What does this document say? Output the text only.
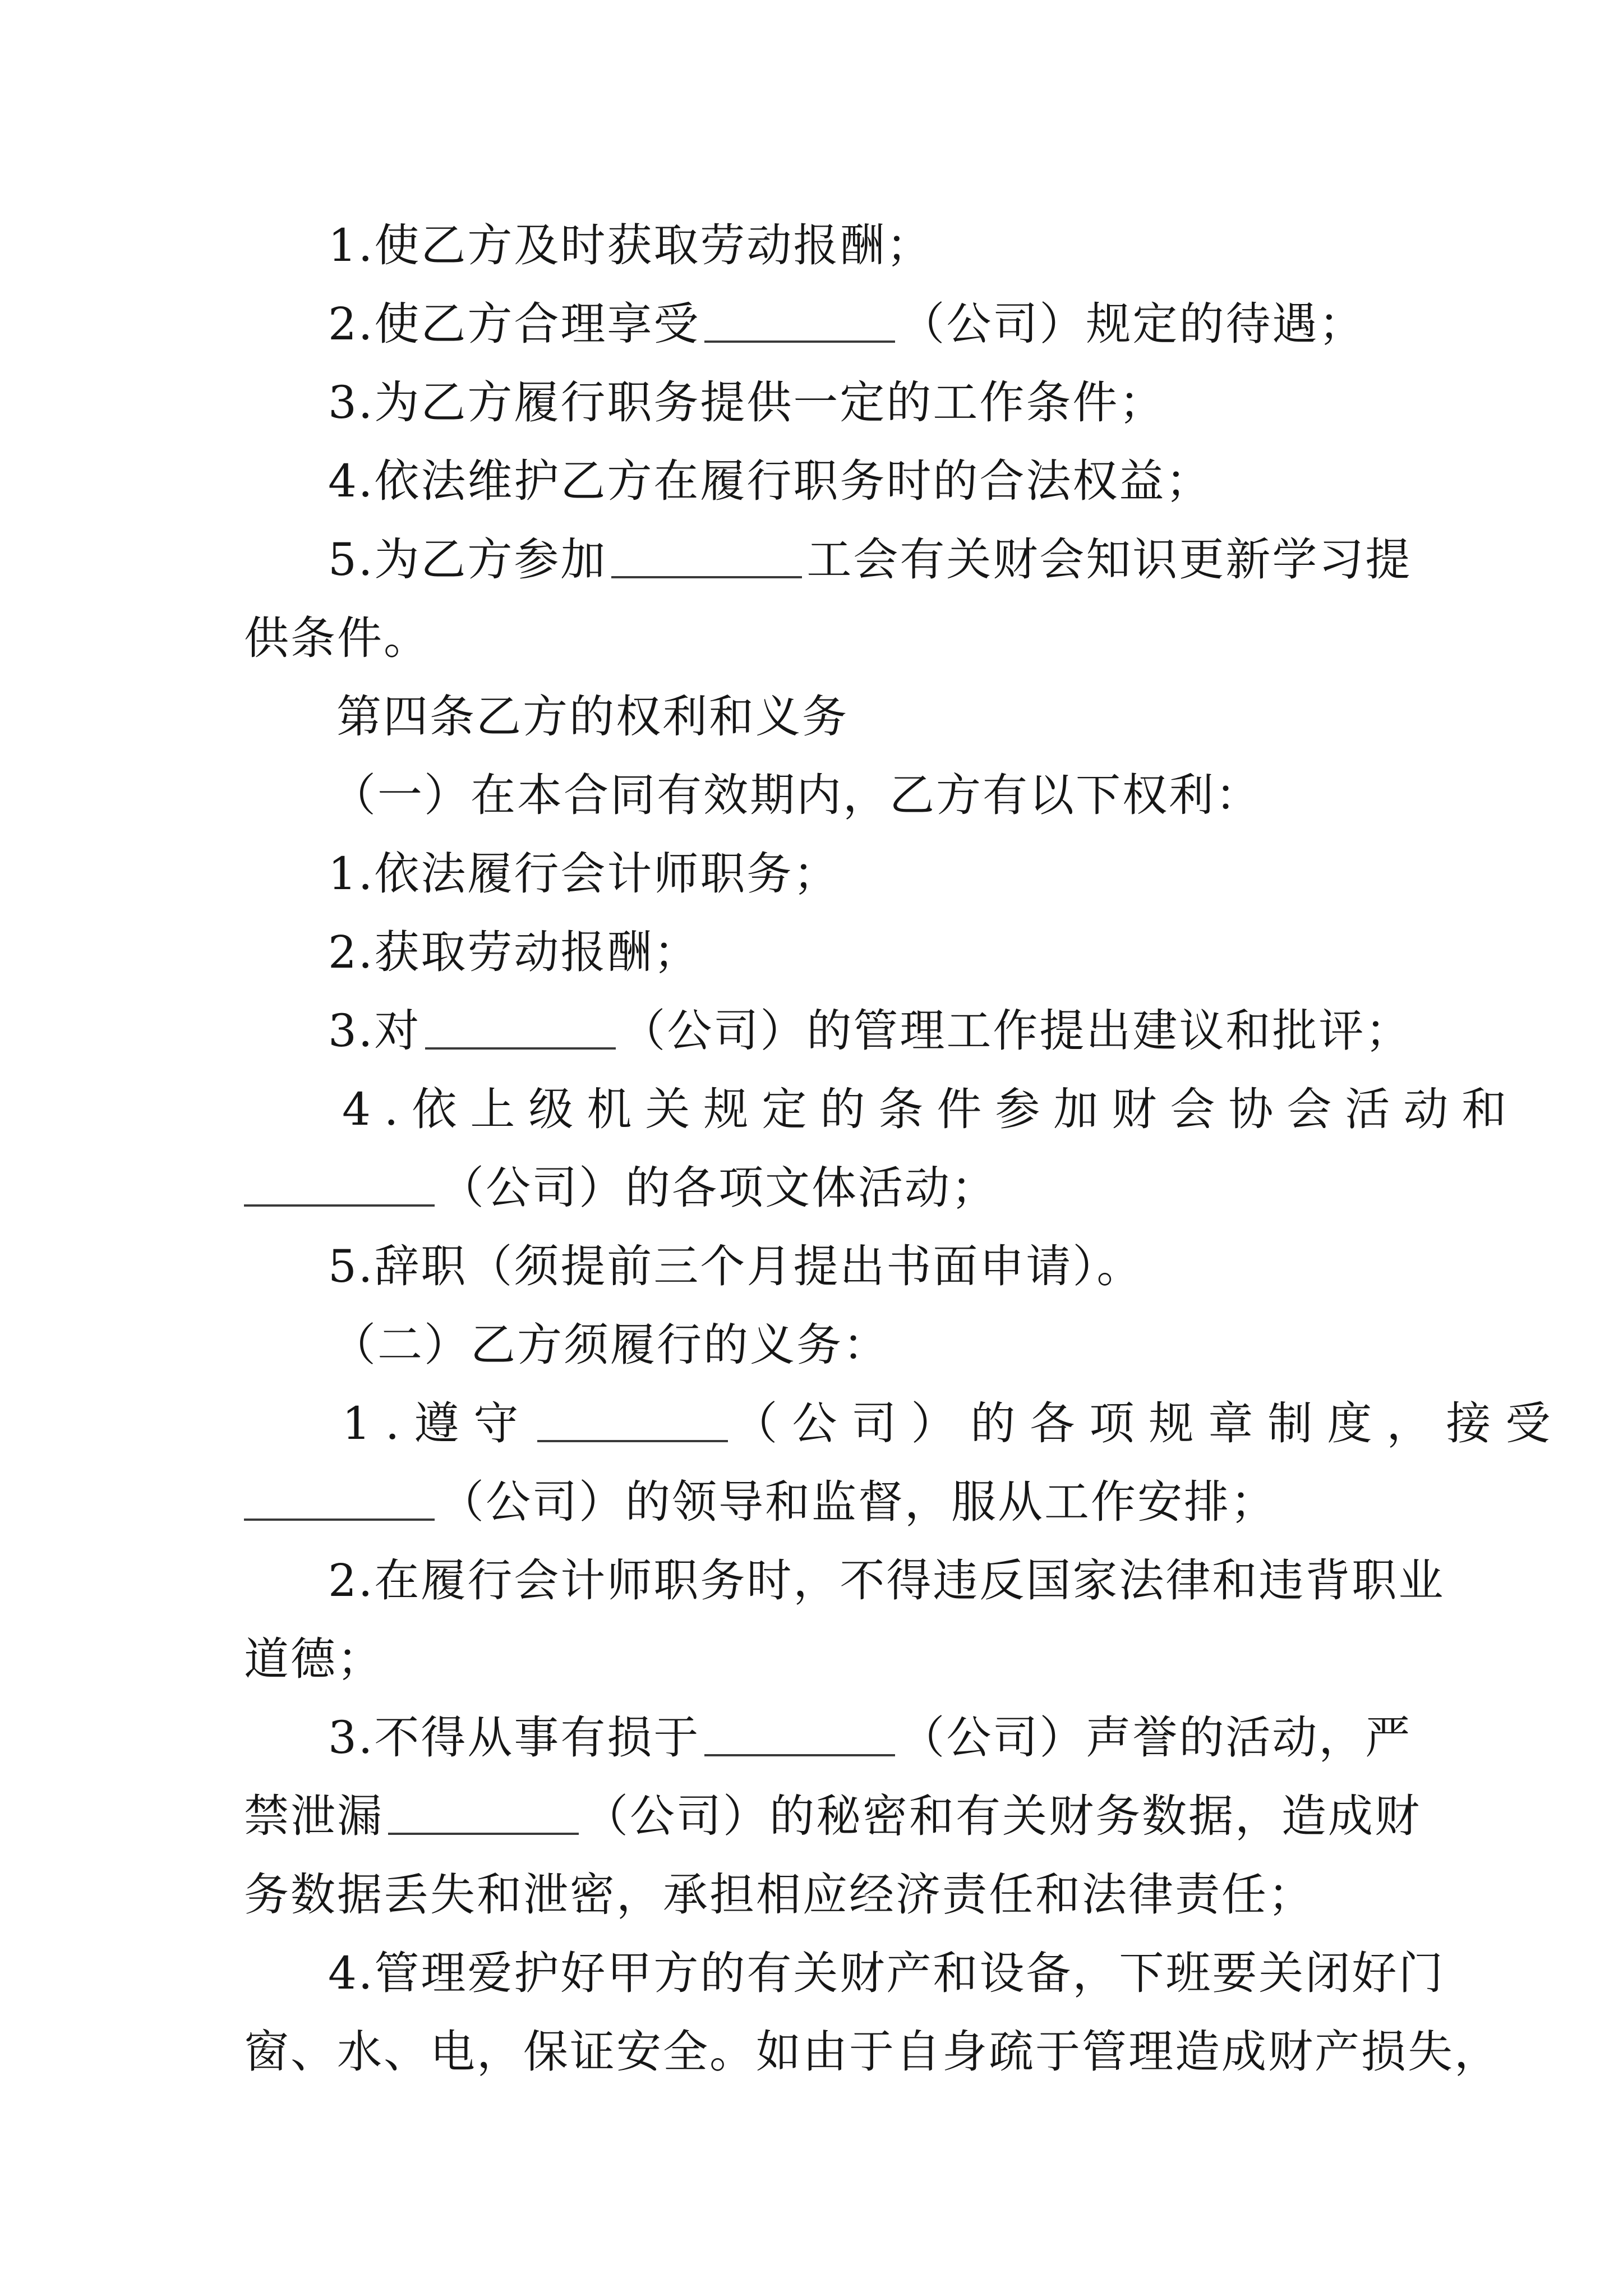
1.使乙方及时获取劳动报酬；
2.使乙方合理享受	（公司）规定的待遇；
3.为乙方履行职务提供一定的工作条件；
4.依法维护乙方在履行职务时的合法权益；
5.为乙方参加	工会有关财会知识更新学习提
供条件。
第四条乙方的权利和义务
（一）在本合同有效期内，乙方有以下权利：
1.依法履行会计师职务；
2.获取劳动报酬；
3.对	（公司）的管理工作提出建议和批评；
4.依上级机关规定的条件参加财会协会活动和
（公司）的各项文体活动；
5.辞职（须提前三个月提出书面申请）。
（二）乙方须履行的义务：
1.遵守	（公司）的各项规章制度，接受
（公司）的领导和监督，服从工作安排；
2.在履行会计师职务时，不得违反国家法律和违背职业
道德；
3.不得从事有损于	（公司）声誉的活动，严
禁泄漏	（公司）的秘密和有关财务数据，造成财
务数据丢失和泄密，承担相应经济责任和法律责任；
4.管理爱护好甲方的有关财产和设备，下班要关闭好门
窗、水、电，保证安全。如由于自身疏于管理造成财产损失，
